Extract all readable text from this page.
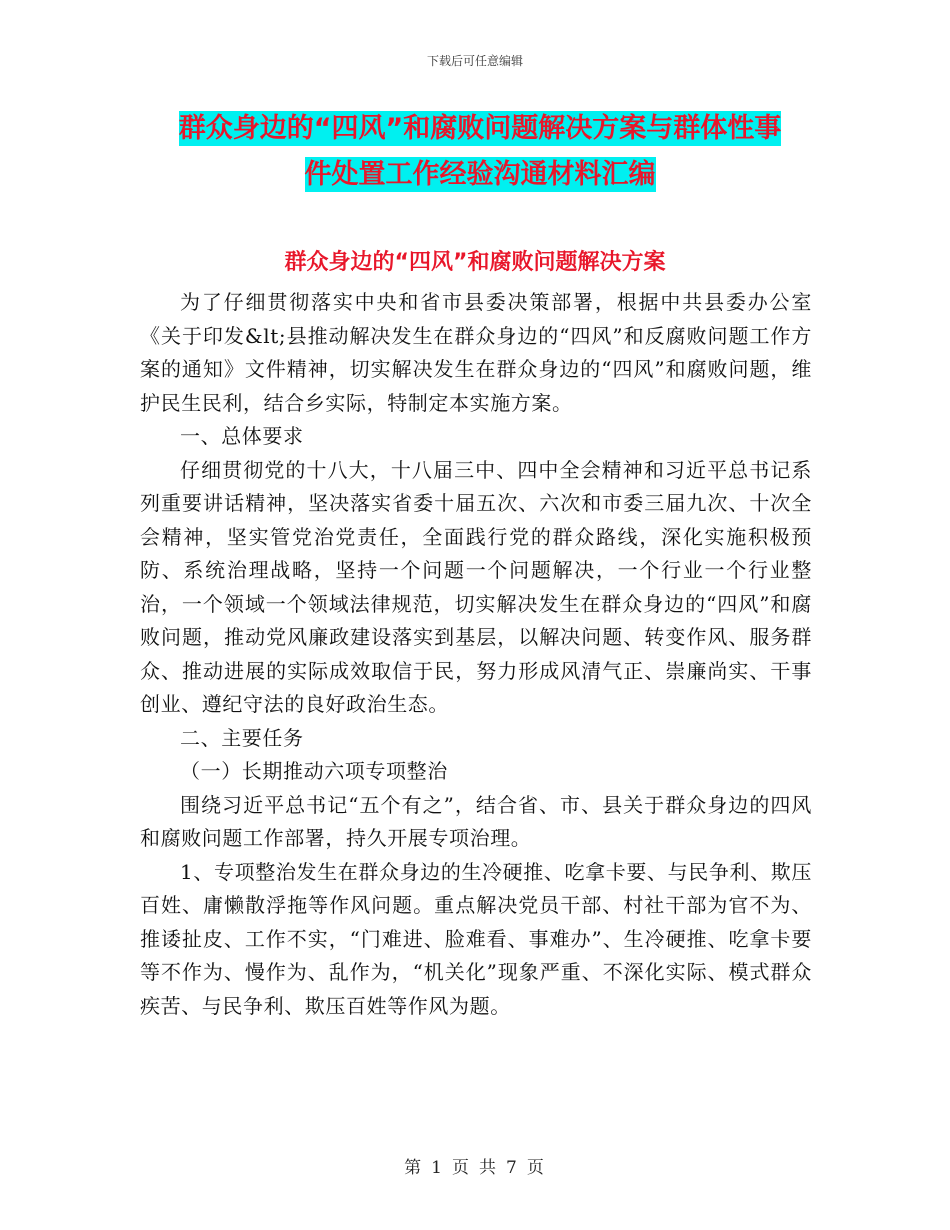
下载后可任意编辑
群众身边的“四风”和腐败问题解决方案与群体性事
件处置工作经验沟通材料汇编
群众身边的“四风”和腐败问题解决方案

为了仔细贯彻落实中央和省市县委决策部署，根据中共县委办公室《关于印发&lt;县推动解决发生在群众身边的“四风”和反腐败问题工作方案的通知》文件精神，切实解决发生在群众身边的“四风”和腐败问题，维护民生民利，结合乡实际，特制定本实施方案。

一、总体要求

仔细贯彻党的十八大，十八届三中、四中全会精神和习近平总书记系列重要讲话精神，坚决落实省委十届五次、六次和市委三届九次、十次全会精神，坚实管党治党责任，全面践行党的群众路线，深化实施积极预防、系统治理战略，坚持一个问题一个问题解决，一个行业一个行业整治，一个领域一个领域法律规范，切实解决发生在群众身边的“四风”和腐败问题，推动党风廉政建设落实到基层，以解决问题、转变作风、服务群众、推动进展的实际成效取信于民，努力形成风清气正、崇廉尚实、干事创业、遵纪守法的良好政治生态。

二、主要任务

（一）长期推动六项专项整治

围绕习近平总书记“五个有之”，结合省、市、县关于群众身边的四风和腐败问题工作部署，持久开展专项治理。

1、专项整治发生在群众身边的生冷硬推、吃拿卡要、与民争利、欺压百姓、庸懒散浮拖等作风问题。重点解决党员干部、村社干部为官不为、推诿扯皮、工作不实，“门难进、脸难看、事难办”、生冷硬推、吃拿卡要等不作为、慢作为、乱作为，“机关化”现象严重、不深化实际、模式群众疾苦、与民争利、欺压百姓等作风为题。

第 1 页 共 7 页
